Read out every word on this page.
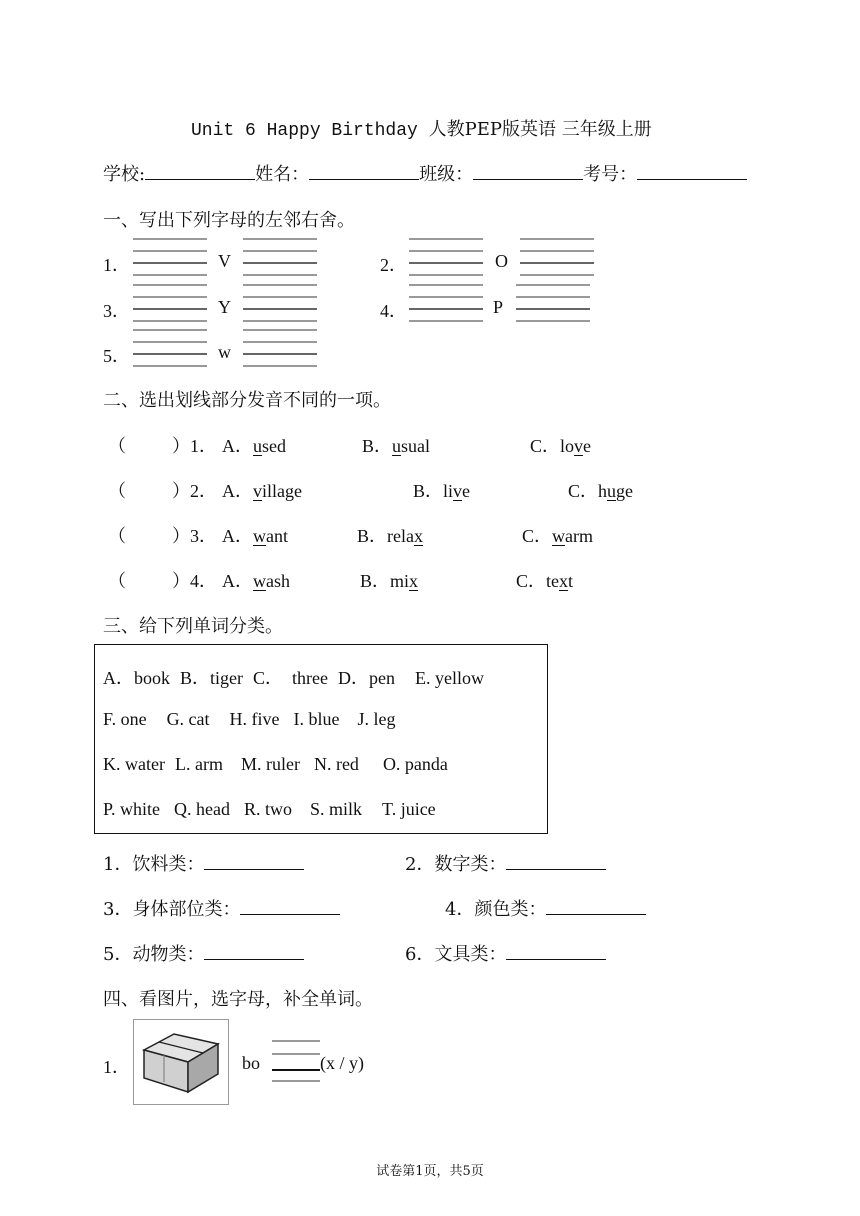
Unit 6 Happy Birthday 人教PEP版英语 三年级上册
学校:	姓名：	班级：	考号：
一、写出下列字母的左邻右舍。
1．	V	2．	O
3．	Y	4．	P
5．	w
二、选出划线部分发音不同的一项。
（	）1． A．used	B．usual	C．love
（	）2． A．village	B．live	C．huge
（	）3． A．want	B．relax	C．warm
（	）4． A．wash	B．mix	C．text
三、给下列单词分类。
A．book B．tiger C．  three D．pen E. yellow
F. one G. cat H. five I. blue J. leg
K. water L. arm M. ruler N. red O. panda
P. white Q. head R. two S. milk T. juice
1．饮料类：	2．数字类：
3．身体部位类：	4．颜色类：
5．动物类：	6．文具类：
四、看图片，选字母，补全单词。
1．	bo	(x / y)
试卷第1页，共5页
